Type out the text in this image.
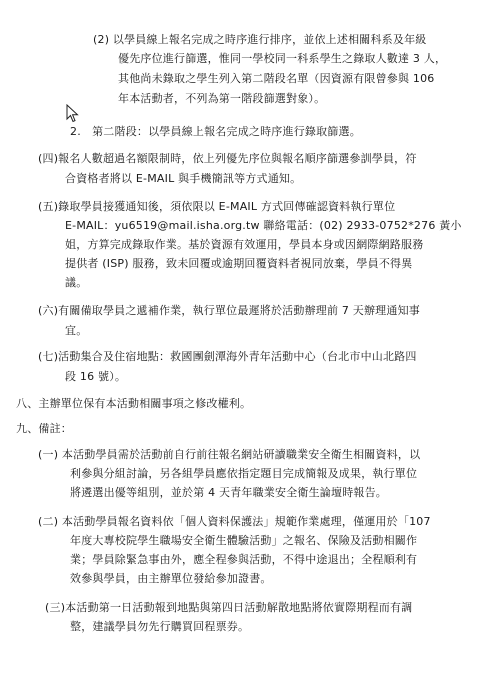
(2) 以學員線上報名完成之時序進行排序，並依上述相關科系及年級
優先序位進行篩選，惟同一學校同一科系學生之錄取人數達 3 人，
其他尚未錄取之學生列入第二階段名單（因資源有限曾參與 106
年本活動者，不列為第一階段篩選對象）。
2.　第二階段：以學員線上報名完成之時序進行錄取篩選。
(四)報名人數超過名額限制時，依上列優先序位與報名順序篩選參訓學員，符
合資格者將以 E-MAIL 與手機簡訊等方式通知。
(五)錄取學員接獲通知後，須依限以 E-MAIL 方式回傳確認資料執行單位
E-MAIL：yu6519@mail.isha.org.tw 聯絡電話：(02) 2933-0752*276 黃小
姐，方算完成錄取作業。基於資源有效運用，學員本身或因網際網路服務
提供者 (ISP) 服務，致未回覆或逾期回覆資料者視同放棄，學員不得異
議。
(六)有關備取學員之遞補作業，執行單位最遲將於活動辦理前 7 天辦理通知事
宜。
(七)活動集合及住宿地點：救國團劍潭海外青年活動中心（台北市中山北路四
段 16 號）。
八、主辦單位保有本活動相關事項之修改權利。
九、備註：
(一) 本活動學員需於活動前自行前往報名網站研讀職業安全衛生相關資料，以
利參與分組討論，另各組學員應依指定題目完成簡報及成果，執行單位
將遴選出優等組別，並於第 4 天青年職業安全衛生論壇時報告。
(二) 本活動學員報名資料依「個人資料保護法」規範作業處理，僅運用於「107
年度大專校院學生職場安全衛生體驗活動」之報名、保險及活動相關作
業；學員除緊急事由外，應全程參與活動，不得中途退出；全程順利有
效參與學員，由主辦單位發給參加證書。
(三)本活動第一日活動報到地點與第四日活動解散地點將依實際期程而有調
整，建議學員勿先行購買回程票券。
